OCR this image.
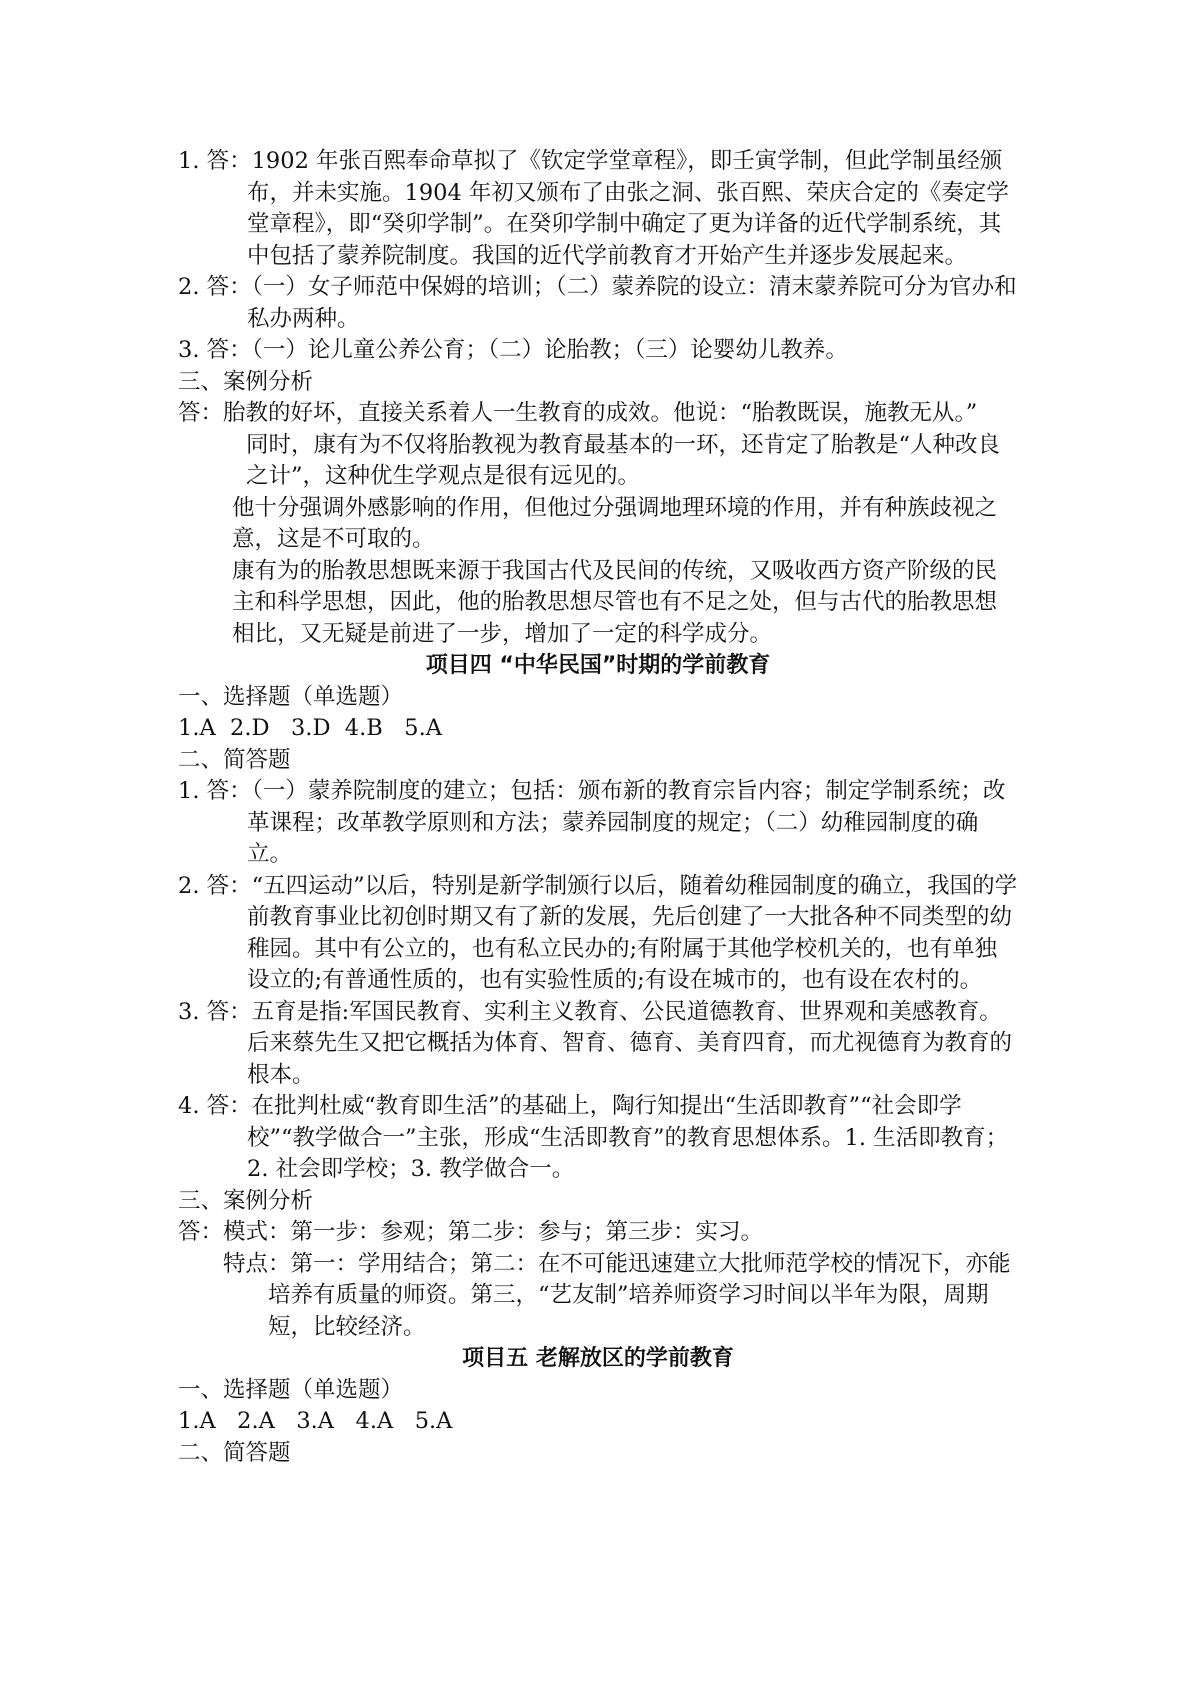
1. 答：1902 年张百熙奉命草拟了《钦定学堂章程》，即壬寅学制，但此学制虽经颁布，并未实施。1904 年初又颁布了由张之洞、张百熙、荣庆合定的《奏定学堂章程》，即“癸卯学制”。在癸卯学制中确定了更为详备的近代学制系统，其中包括了蒙养院制度。我国的近代学前教育才开始产生并逐步发展起来。

2. 答：（一）女子师范中保姆的培训；（二）蒙养院的设立：清末蒙养院可分为官办和私办两种。

3. 答：（一）论儿童公养公育；（二）论胎教；（三）论婴幼儿教养。

三、案例分析

答：胎教的好坏，直接关系着人一生教育的成效。他说：“胎教既误，施教无从。”

同时，康有为不仅将胎教视为教育最基本的一环，还肯定了胎教是“人种改良之计”，这种优生学观点是很有远见的。

他十分强调外感影响的作用，但他过分强调地理环境的作用，并有种族歧视之意，这是不可取的。

康有为的胎教思想既来源于我国古代及民间的传统，又吸收西方资产阶级的民主和科学思想，因此，他的胎教思想尽管也有不足之处，但与古代的胎教思想相比，又无疑是前进了一步，增加了一定的科学成分。

项目四 “中华民国”时期的学前教育

一、选择题（单选题）

1.A  2.D   3.D  4.B   5.A

二、简答题

1. 答：（一）蒙养院制度的建立；包括：颁布新的教育宗旨内容；制定学制系统；改革课程；改革教学原则和方法；蒙养园制度的规定；（二）幼稚园制度的确立。

2. 答：“五四运动”以后，特别是新学制颁行以后，随着幼稚园制度的确立，我国的学前教育事业比初创时期又有了新的发展，先后创建了一大批各种不同类型的幼稚园。其中有公立的，也有私立民办的;有附属于其他学校机关的，也有单独设立的;有普通性质的，也有实验性质的;有设在城市的，也有设在农村的。

3. 答：五育是指:军国民教育、实利主义教育、公民道德教育、世界观和美感教育。后来蔡先生又把它概括为体育、智育、德育、美育四育，而尤视德育为教育的根本。

4. 答：在批判杜威“教育即生活”的基础上，陶行知提出“生活即教育”“社会即学校”“教学做合一”主张，形成“生活即教育”的教育思想体系。1. 生活即教育；2. 社会即学校；3. 教学做合一。

三、案例分析

答：模式：第一步：参观；第二步：参与；第三步：实习。

特点：第一：学用结合；第二：在不可能迅速建立大批师范学校的情况下，亦能培养有质量的师资。第三，“艺友制”培养师资学习时间以半年为限，周期短，比较经济。

项目五 老解放区的学前教育

一、选择题（单选题）

1.A   2.A   3.A   4.A   5.A

二、简答题
